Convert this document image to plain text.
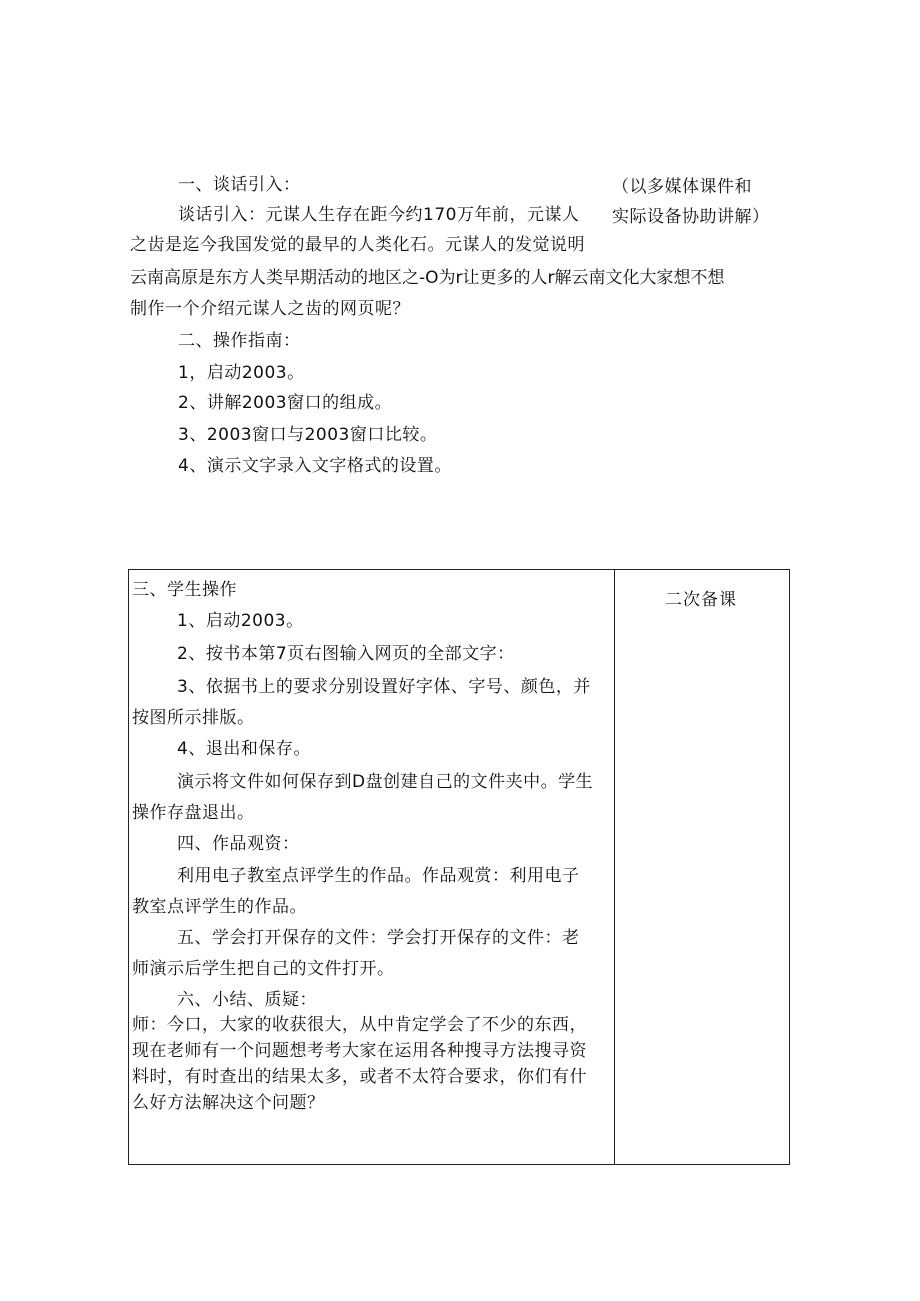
一、谈话引入：	（以多媒体课件和
实际设备协助讲解）
谈话引入：元谋人生存在距今约170万年前，元谋人
之齿是迄今我国发觉的最早的人类化石。元谋人的发觉说明
云南高原是东方人类早期活动的地区之-O为r让更多的人r解云南文化大家想不想
制作一个介绍元谋人之齿的网页呢？
二、操作指南：
1，启动2003。
2、讲解2003窗口的组成。
3、2003窗口与2003窗口比较。
4、演示文字录入文字格式的设置。
二次备课
三、学生操作
1、启动2003。
2、按书本第7页右图输入网页的全部文字：
3、依据书上的要求分别设置好字体、字号、颜色，并
按图所示排版。
4、退出和保存。
演示将文件如何保存到D盘创建自己的文件夹中。学生
操作存盘退出。
四、作品观资：
利用电子教室点评学生的作品。作品观赏：利用电子
教室点评学生的作品。
五、学会打开保存的文件：学会打开保存的文件：老
师演示后学生把自己的文件打开。
六、小结、质疑：
师：今口，大家的收获很大，从中肯定学会了不少的东西，
现在老师有一个问题想考考大家在运用各种搜寻方法搜寻资
料时，有时查出的结果太多，或者不太符合要求，你们有什
么好方法解决这个问题？
